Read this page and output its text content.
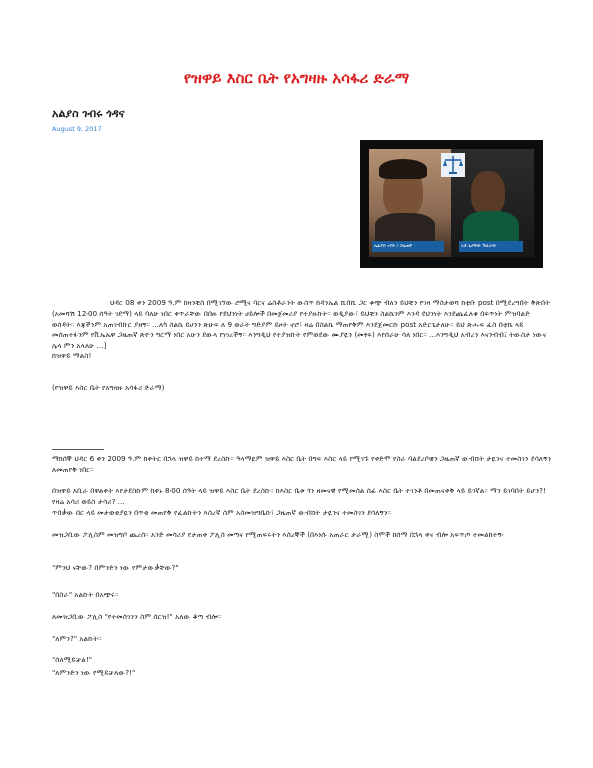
የዝዋይ እስር ቤት የአግዛዙ አሳፋሪ ድራማ
አልያስ ገብሩ ጎዳና
August 9, 2017
ኤልያስ ገብሩ / ጋዜጠኛ	አቶ ጌታቸው ሽፈራው
ህዳር 08 ቀን 2009 ዓ.ም ከዛንቺስ በሚገኘው ሮሚና ባርና ሬስቶራንት ውስጥ ከዳንኤል ሺበሺ ጋር ቁጭ ብለን ይህቺን የገዛ ማስታወሻ ከቲቡ post በሚደረግበት ቅጽበት (አመሻሽ 12፡00 ሰዓት ገደማ) ላይ ባለሁ ነበር ቀጥራቸው በበዙ የደህንነት ሀይሎች በመጀመሪያ የተያዙኩት። ወዲያው፣ ይህቺን ስልኬንም እንዳ ደህንነት እንደጨፈለቁ በፍጥነት ምዝባልድ ወሰዳት። እጃችንም አጠገብኩር ያዘኝ። ...ለካ ስልኬ ይሀንን ጽሁፍ ለ 9 ወራት ግድያም ይዞት ኖሮ፣ ዛሬ በስልኬ ማጠየቅም እንደጀመርኩ post አድርጌታለሁ። ይህ ጽሑፍ ፈስ በቲኬ ላይ መሰጠተፉንም የቪኤኤዋ ጋዜጠኛ ጽዮን ግርማ ነበር አሁን ደውላ የነገረችኝ። እንግዲህ የተያዝኩት የምወደው ሙያዬን (መፃፍ) እየሰራሁ ሳለ ነበር። ...እንግዲህ አብረን እናንብብ፤ ትውስታ ነውና ሌላ ምን አላለሁ ...]
ከዝዋይ ማልስ!
(የዝዋይ እስር ቤት የአግዛዙ አሳፋሪ ድራማ)
ማክሰኞ ህዳር 6 ቀን 2009 ዓ.ም ከቀትር በኋላ ዝዋይ ከተማ ደረስኩ። ዓላማዬም ዝዋይ እስር ቤት በግፍ እስር ላይ የሚገኙ የቀድሞ የስራ ባልደረቦቼን ጋዜጠኛ ውብሸት ታዬንና ተመስገን ደሳለኝን ለመጠየቅ ነበር።
በዝዋይ አቢራ በዋልቀት እየታደስኩም ከቀኑ 8፡00 ሰዓት ላይ ዝዋይ እስር ቤት ደረስኩ። ከእስር ቤቱ ጎን ዘመናዊ የሚመስል ሰፊ እስር ቤት ተገንቶ በመጠናቀቅ ላይ ይገኛል። ማን ይገባበት ይሆን?! የዛሬ አሳሪ ወይስ ታሳሪ? ...
ጥበቃው በር ላይ መታወቂያዬን በጥቂ መጠየቅ የፈልኩትን እስረኛ ስም አስመዝግቤኩ፣ ጋዜጠኛ ውብሸት ታዬንና ተመስገን ደሳለኝን።
መዝጋቢው ፖሊስም መዝግቦ ጨረሰ። አንድ መሳሪያ የታጠቀ ፖሊስ መጣና የሚጠፍሩትን እስረኞች (በእነሱ አጠራር ታራሚ) ስሞች ከሰማ በኋላ ቀና ብሎ አፍጥጦ ተመልከተኝ፡
"ምንህ ናቸው? በምንድን ነው የምታውቃቸው?"
"በስራ" አልኩት በአጭሩ።
ለመዝጋቢው ፖሊስ "የተመስገንን ስም ሰርዝ!" አለው ቆጣ ብሎ።
"ለምን?" አልኩት።
"ሰለሚይቻል!"
"ለምንድን ነው የሚይቻለው?!"
